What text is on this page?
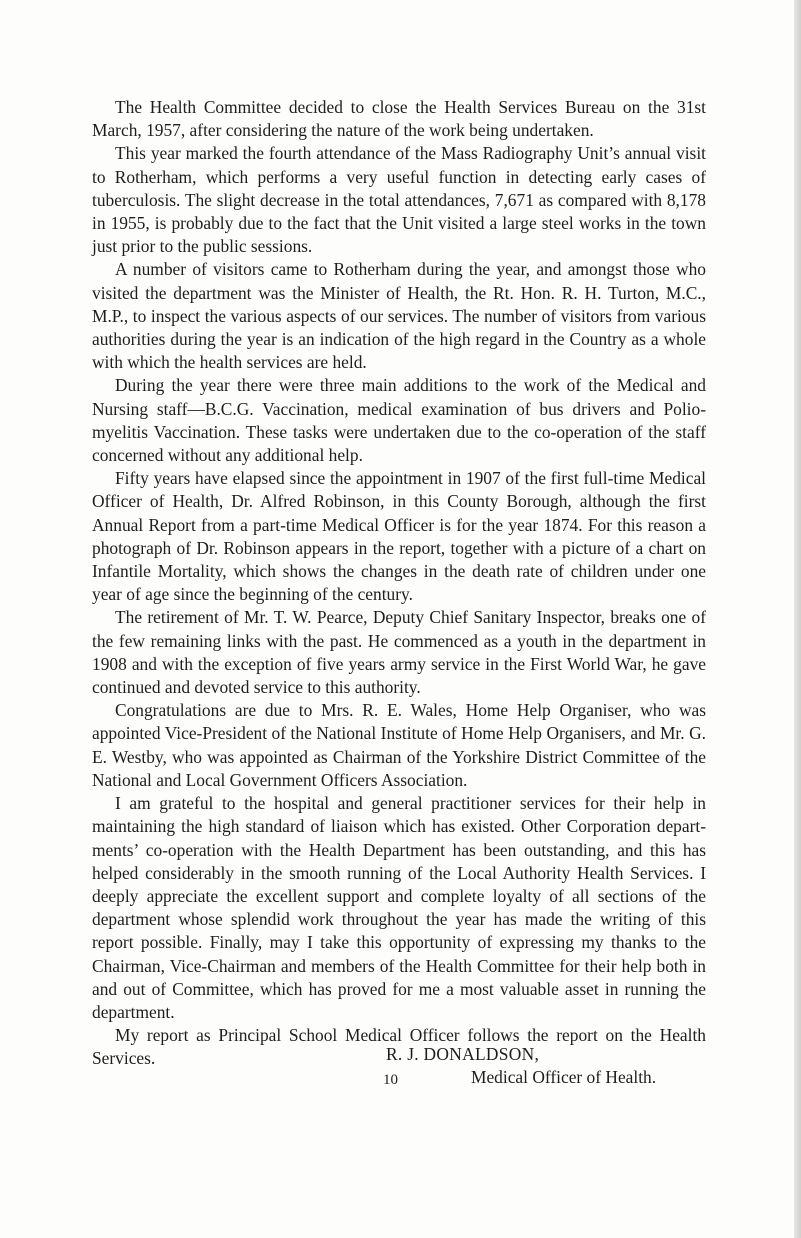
The Health Committee decided to close the Health Services Bureau on the 31st March, 1957, after considering the nature of the work being undertaken.

This year marked the fourth attendance of the Mass Radiography Unit’s annual visit to Rotherham, which performs a very useful function in detecting early cases of tuberculosis. The slight decrease in the total attendances, 7,671 as compared with 8,178 in 1955, is probably due to the fact that the Unit visited a large steel works in the town just prior to the public sessions.

A number of visitors came to Rotherham during the year, and amongst those who visited the department was the Minister of Health, the Rt. Hon. R. H. Turton, M.C., M.P., to inspect the various aspects of our services. The number of visitors from various authorities during the year is an indication of the high regard in the Country as a whole with which the health services are held.

During the year there were three main additions to the work of the Medical and Nursing staff—B.C.G. Vaccination, medical examination of bus drivers and Polio-myelitis Vaccination. These tasks were undertaken due to the co-operation of the staff concerned without any additional help.

Fifty years have elapsed since the appointment in 1907 of the first full-time Medical Officer of Health, Dr. Alfred Robinson, in this County Borough, although the first Annual Report from a part-time Medical Officer is for the year 1874. For this reason a photograph of Dr. Robinson appears in the report, together with a picture of a chart on Infantile Mortality, which shows the changes in the death rate of children under one year of age since the beginning of the century.

The retirement of Mr. T. W. Pearce, Deputy Chief Sanitary Inspector, breaks one of the few remaining links with the past. He commenced as a youth in the department in 1908 and with the exception of five years army service in the First World War, he gave continued and devoted service to this authority.

Congratulations are due to Mrs. R. E. Wales, Home Help Organiser, who was appointed Vice-President of the National Institute of Home Help Organisers, and Mr. G. E. Westby, who was appointed as Chairman of the Yorkshire District Committee of the National and Local Government Officers Association.

I am grateful to the hospital and general practitioner services for their help in maintaining the high standard of liaison which has existed. Other Corporation depart-ments’ co-operation with the Health Department has been outstanding, and this has helped considerably in the smooth running of the Local Authority Health Services. I deeply appreciate the excellent support and complete loyalty of all sections of the department whose splendid work throughout the year has made the writing of this report possible. Finally, may I take this opportunity of expressing my thanks to the Chairman, Vice-Chairman and members of the Health Committee for their help both in and out of Committee, which has proved for me a most valuable asset in running the department.

My report as Principal School Medical Officer follows the report on the Health Services.	R. J. DONALDSON,
Medical Officer of Health.
10
